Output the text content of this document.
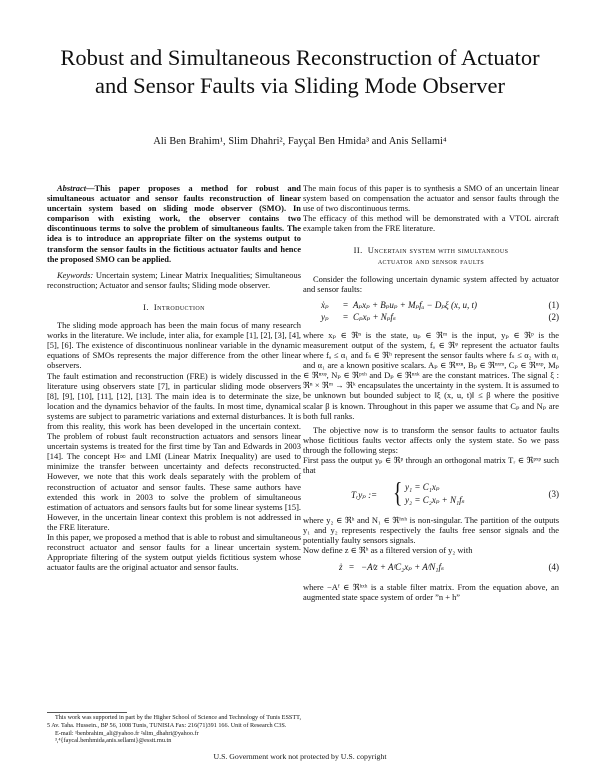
Robust and Simultaneous Reconstruction of Actuator
and Sensor Faults via Sliding Mode Observer
Ali Ben Brahim¹, Slim Dhahri², Fayçal Ben Hmida³ and Anis Sellami⁴

Abstract—This paper proposes a method for robust and simultaneous actuator and sensor faults reconstruction of linear uncertain system based on sliding mode observer (SMO). In comparison with existing work, the observer contains two discontinuous terms to solve the problem of simultaneous faults. The idea is to introduce an appropriate filter on the systems output to transform the sensor faults in the fictitious actuator faults and hence the proposed SMO can be applied.

Keywords: Uncertain system; Linear Matrix Inequalities; Simultaneous reconstruction; Actuator and sensor faults; Sliding mode observer.

I. Introduction

The sliding mode approach has been the main focus of many research works in the literature. We include, inter alia, for example [1], [2], [3], [4], [5], [6]. The existence of discontinuous nonlinear variable in the dynamic equations of SMOs represents the major difference from the other linear observers.

The fault estimation and reconstruction (FRE) is widely discussed in the literature using observers state [7], in particular sliding mode observers [8], [9], [10], [11], [12], [13]. The main idea is to determinate the size, location and the dynamics behavior of the faults. In most time, dynamical systems are subject to parametric variations and external disturbances. It is from this reality, this work has been developed in the uncertain context. The problem of robust fault reconstruction actuators and sensors linear uncertain systems is treated for the first time by Tan and Edwards in 2003 [14]. The concept H∞ and LMI (Linear Matrix Inequality) are used to minimize the transfer between uncertainty and defects reconstructed. However, we note that this work deals separately with the problem of reconstruction of actuator and sensor faults. These same authors have extended this work in 2003 to solve the problem of simultaneous estimation of actuators and sensors faults but for some linear systems [15]. However, in the uncertain linear context this problem is not addressed in the FRE literature.

In this paper, we proposed a method that is able to robust and simultaneous reconstruct actuator and sensor faults for a linear uncertain system. Appropriate filtering of the system output yields fictitious system whose actuator faults are the original actuator and sensor faults.

This work was supported in part by the Higher School of Science and Technology of Tunis ESSTT, 5 Av. Taha. Hussein., BP 56, 1008 Tunis, TUNISIA Fax: 216(71)391 166. Unit of Research C3S.
E-mail: ¹benbrahim_ali@yahoo.fr ²slim_dhahri@yahoo.fr
³,⁴{faycal.benhmida,anis.sellami}@esstt.rnu.tn

The main focus of this paper is to synthesis a SMO of an uncertain linear system based on compensation the actuator and sensor faults through the use of two discontinuous terms.

The efficacy of this method will be demonstrated with a VTOL aircraft example taken from the FRE literature.

II. Uncertain system with simultaneous
actuator and sensor faults

Consider the following uncertain dynamic system affected by actuator and sensor faults:

ẋₚ = Aₚxₚ + Bₚuₚ + Mₚfₐ − Dₚξ (x, u, t)	(1)
yₚ = Cₚxₚ + Nₚfₛ	(2)

where xₚ ∈ ℜⁿ is the state, uₚ ∈ ℜᵐ is the input, yₚ ∈ ℜᵖ is the measurement output of the system, fₐ ∈ ℜᵠ represent the actuator faults where fₐ ≤ α₁ and fₛ ∈ ℜʰ represent the sensor faults where fₛ ≤ α₂ with α₁ and α₁ are a known positive scalars. Aₚ ∈ ℜⁿˣⁿ, Bₚ ∈ ℜⁿˣᵐ, Cₚ ∈ ℜⁿˣᵖ, Mₚ ∈ ℜⁿˣᵠ, Nₚ ∈ ℜᵖˣʰ and Dₚ ∈ ℜⁿˣᵏ are the constant matrices. The signal ξ : ℜⁿ × ℜᵐ → ℜᵏ encapsulates the uncertainty in the system. It is assumed to be unknown but bounded subject to ‖ξ (x, u, t)‖ ≤ β where the positive scalar β is known. Throughout in this paper we assume that Cₚ and Nₚ are both full ranks.

The objective now is to transform the sensor faults to actuator faults whose fictitious faults vector affects only the system state. So we pass through the following steps:

First pass the output yₚ ∈ ℜᵖ through an orthogonal matrix Tᵣ ∈ ℜᵖˣᵖ such that

Tᵣyₚ := { y₁ = C₁xₚ
y₂ = C₂xₚ + N₁fₛ
(3)

where y₂ ∈ ℜʰ and N₁ ∈ ℜʰˣʰ is non-singular. The partition of the outputs y₁ and y₂ represents respectively the faults free sensor signals and the potentially faulty sensors signals.

Now define z ∈ ℜʰ as a filtered version of y₂ with

ż = −Aᶠz + AᶠC₂xₚ + AᶠN₁fₛ	(4)

where −Aᶠ ∈ ℜʰˣʰ is a stable filter matrix. From the equation above, an augmented state space system of order ”n + h”

U.S. Government work not protected by U.S. copyright
